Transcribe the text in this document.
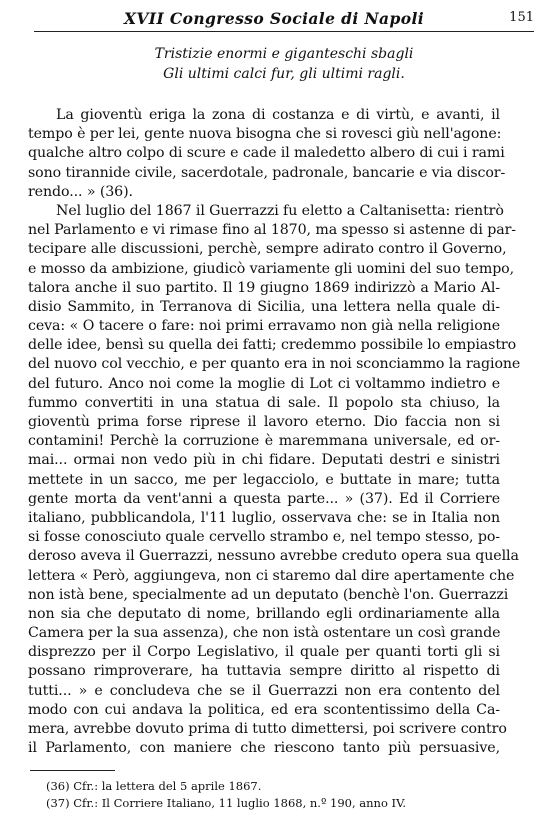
XVII Congresso Sociale di Napoli	151
Tristizie enormi e giganteschi sbagli
Gli ultimi calci fur, gli ultimi ragli.
La gioventù eriga la zona di costanza e di virtù, e avanti, il
tempo è per lei, gente nuova bisogna che si rovesci giù nell'agone:
qualche altro colpo di scure e cade il maledetto albero di cui i rami
sono tirannide civile, sacerdotale, padronale, bancarie e via discor-
rendo... » (36).
Nel luglio del 1867 il Guerrazzi fu eletto a Caltanisetta: rientrò
nel Parlamento e vi rimase fino al 1870, ma spesso si astenne di par-
tecipare alle discussioni, perchè, sempre adirato contro il Governo,
e mosso da ambizione, giudicò variamente gli uomini del suo tempo,
talora anche il suo partito. Il 19 giugno 1869 indirizzò a Mario Al-
disio Sammito, in Terranova di Sicilia, una lettera nella quale di-
ceva: « O tacere o fare: noi primi erravamo non già nella religione
delle idee, bensì su quella dei fatti; credemmo possibile lo empiastro
del nuovo col vecchio, e per quanto era in noi sconciammo la ragione
del futuro. Anco noi come la moglie di Lot ci voltammo indietro e
fummo convertiti in una statua di sale. Il popolo sta chiuso, la
gioventù prima forse riprese il lavoro eterno. Dio faccia non si
contamini! Perchè la corruzione è maremmana universale, ed or-
mai... ormai non vedo più in chi fidare. Deputati destri e sinistri
mettete in un sacco, me per legacciolo, e buttate in mare; tutta
gente morta da vent'anni a questa parte... » (37). Ed il Corriere
italiano, pubblicandola, l'11 luglio, osservava che: se in Italia non
si fosse conosciuto quale cervello strambo e, nel tempo stesso, po-
deroso aveva il Guerrazzi, nessuno avrebbe creduto opera sua quella
lettera « Però, aggiungeva, non ci staremo dal dire apertamente che
non istà bene, specialmente ad un deputato (benchè l'on. Guerrazzi
non sia che deputato di nome, brillando egli ordinariamente alla
Camera per la sua assenza), che non istà ostentare un così grande
disprezzo per il Corpo Legislativo, il quale per quanti torti gli si
possano rimproverare, ha tuttavia sempre diritto al rispetto di
tutti... » e concludeva che se il Guerrazzi non era contento del
modo con cui andava la politica, ed era scontentissimo della Ca-
mera, avrebbe dovuto prima di tutto dimettersi, poi scrivere contro
il Parlamento, con maniere che riescono tanto più persuasive,
(36) Cfr.: la lettera del 5 aprile 1867.
(37) Cfr.: Il Corriere Italiano, 11 luglio 1868, n.º 190, anno IV.
